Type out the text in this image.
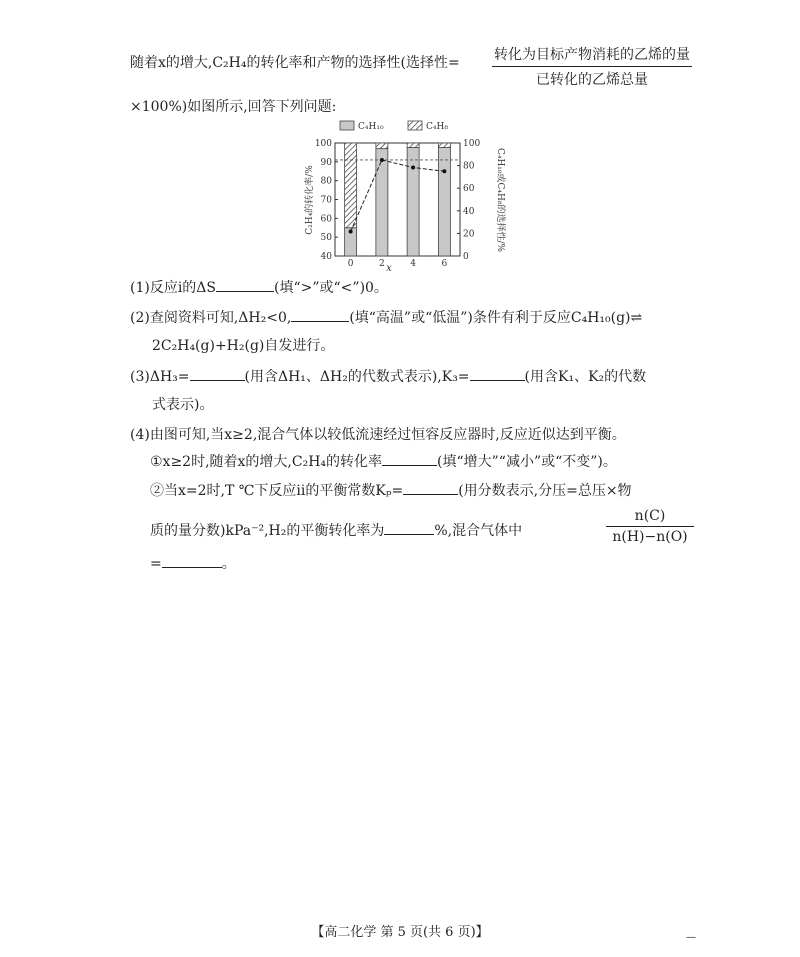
随着x的增大,C₂H₄的转化率和产物的选择性(选择性= 转化为目标产物消耗的乙烯的量
已转化的乙烯总量
×100%)如图所示,回答下列问题:
C₄H₁₀	C₄H₈
40
50
60
70
80
90
100
0
20
40
60
80
100
0	2	4	6
C₂H₄的转化率/%	C₄H₁₀或C₄H₈的选择性/%
x
(1)反应ⅰ的ΔS	(填“>”或“<”)0。
(2)查阅资料可知,ΔH₂<0,	(填“高温”或“低温”)条件有利于反应C₄H₁₀(g)⇌
2C₂H₄(g)+H₂(g)自发进行。
(3)ΔH₃=	(用含ΔH₁、ΔH₂的代数式表示),K₃=	(用含K₁、K₂的代数
式表示)。
(4)由图可知,当x≥2,混合气体以较低流速经过恒容反应器时,反应近似达到平衡。
①x≥2时,随着x的增大,C₂H₄的转化率	(填“增大”“减小”或“不变”)。
②当x=2时,T ℃下反应ⅱ的平衡常数Kₚ=	(用分数表示,分压=总压×物
质的量分数)kPa⁻²,H₂的平衡转化率为	%,混合气体中	$\frac{n(C)}{n(H)-n(O)}$
=	。
【高二化学 第 5 页(共 6 页)】	—
